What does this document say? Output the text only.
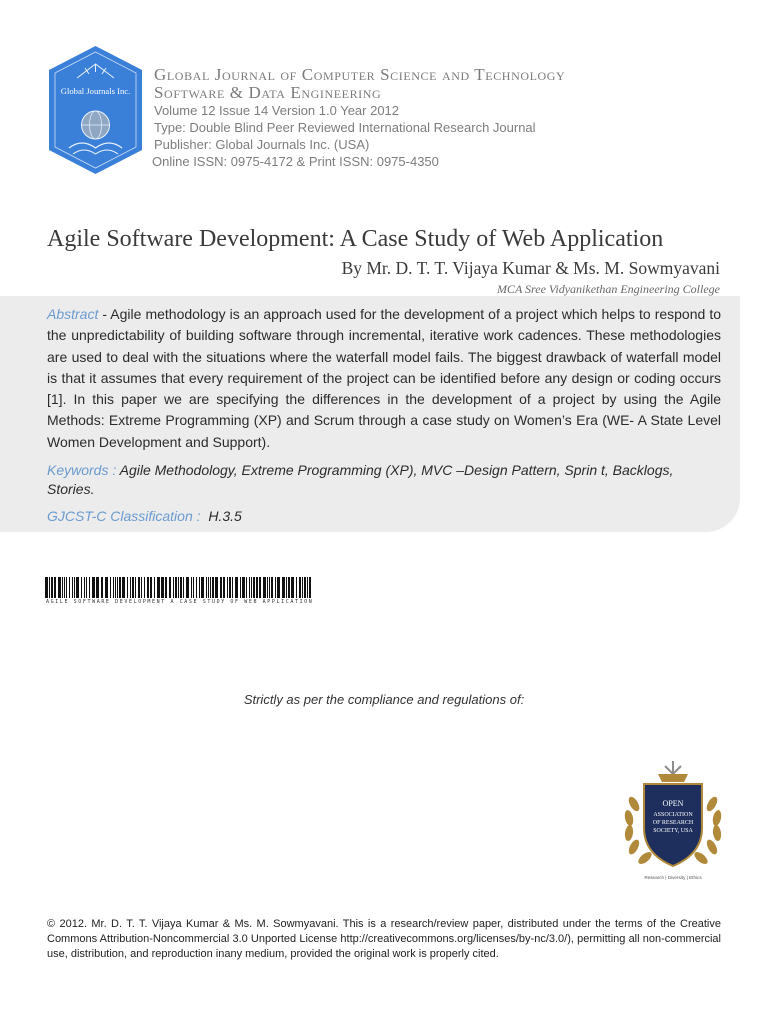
Global Journals Inc.
Global Journal of Computer Science and Technology
Software & Data Engineering
Volume 12 Issue 14 Version 1.0 Year 2012
Type: Double Blind Peer Reviewed International Research Journal
Publisher: Global Journals Inc. (USA)
Online ISSN: 0975-4172 & Print ISSN: 0975-4350
Agile Software Development: A Case Study of Web Application
By Mr. D. T. T. Vijaya Kumar & Ms. M. Sowmyavani
MCA Sree Vidyanikethan Engineering College
Abstract - Agile methodology is an approach used for the development of a project which helps to respond to the unpredictability of building software through incremental, iterative work cadences. These methodologies are used to deal with the situations where the waterfall model fails. The biggest drawback of waterfall model is that it assumes that every requirement of the project can be identified before any design or coding occurs [1]. In this paper we are specifying the differences in the development of a project by using the Agile Methods: Extreme Programming (XP) and Scrum through a case study on Women’s Era (WE- A State Level Women Development and Support).
Keywords : Agile Methodology, Extreme Programming (XP), MVC –Design Pattern, Sprin t, Backlogs, Stories.
GJCST-C Classification : H.3.5
AGILE SOFTWARE DEVELOPMENT A CASE STUDY OF WEB APPLICATION
Strictly as per the compliance and regulations of:
OPEN
ASSOCIATION
OF RESEARCH
SOCIETY, USA
Research | Diversity | Ethics
© 2012. Mr. D. T. T. Vijaya Kumar & Ms. M. Sowmyavani. This is a research/review paper, distributed under the terms of the Creative Commons Attribution-Noncommercial 3.0 Unported License http://creativecommons.org/licenses/by-nc/3.0/), permitting all non-commercial use, distribution, and reproduction inany medium, provided the original work is properly cited.
